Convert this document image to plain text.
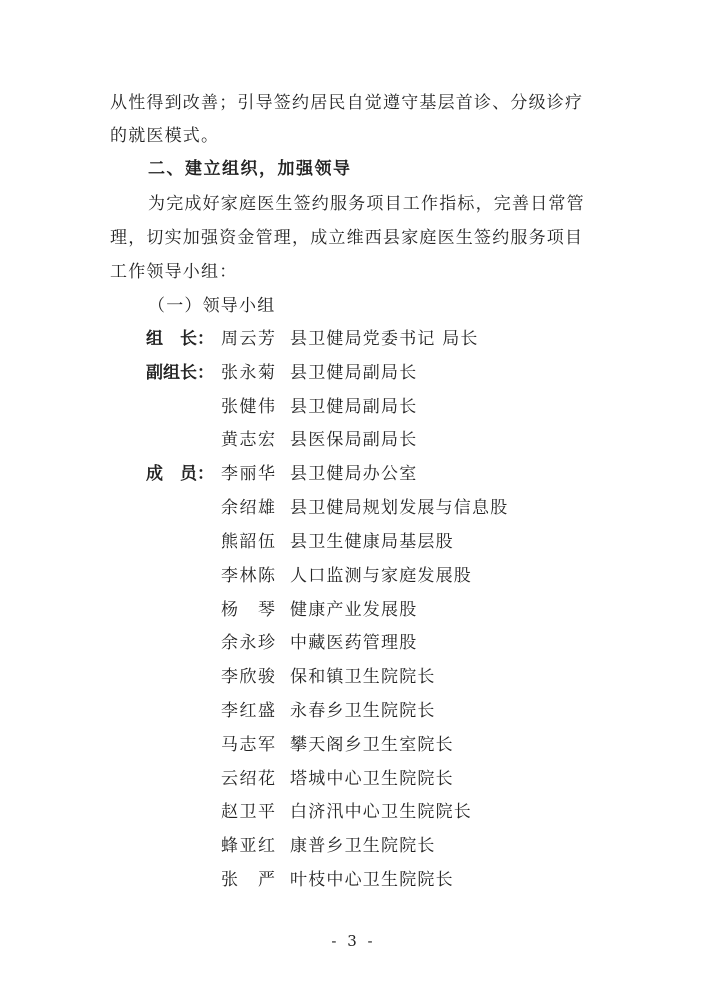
从性得到改善；引导签约居民自觉遵守基层首诊、分级诊疗
的就医模式。
二、建立组织，加强领导
为完成好家庭医生签约服务项目工作指标，完善日常管
理，切实加强资金管理，成立维西县家庭医生签约服务项目
工作领导小组：
（一）领导小组
组　长： 周云芳 县卫健局党委书记 局长
副组长： 张永菊 县卫健局副局长
张健伟 县卫健局副局长
黄志宏 县医保局副局长
成　员： 李丽华 县卫健局办公室
余绍雄 县卫健局规划发展与信息股
熊韶伍 县卫生健康局基层股
李林陈 人口监测与家庭发展股
杨　琴 健康产业发展股
余永珍 中藏医药管理股
李欣骏 保和镇卫生院院长
李红盛 永春乡卫生院院长
马志军 攀天阁乡卫生室院长
云绍花 塔城中心卫生院院长
赵卫平 白济汛中心卫生院院长
蜂亚红 康普乡卫生院院长
张　严 叶枝中心卫生院院长
- 3 -
